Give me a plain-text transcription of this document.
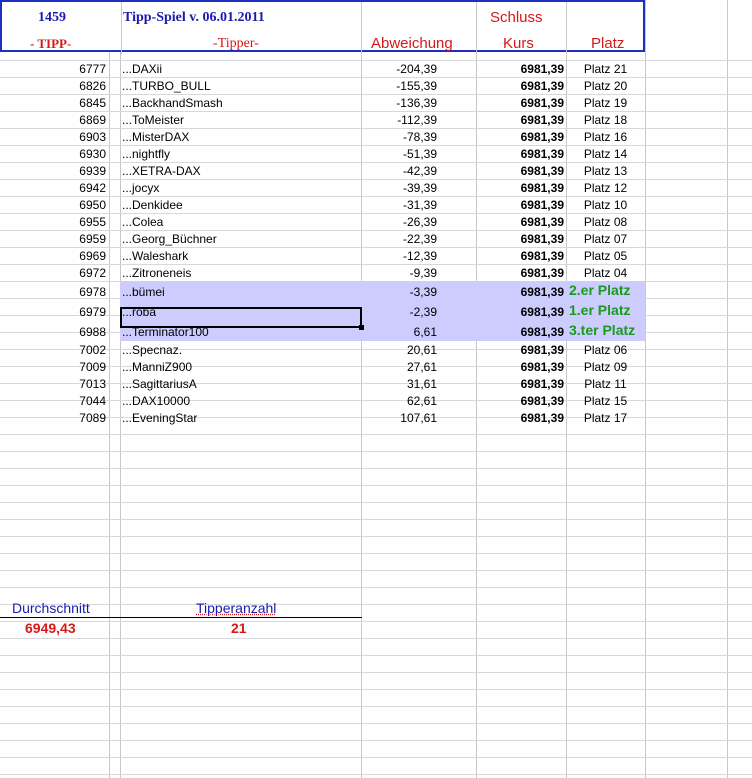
1459	Tipp-Spiel v. 06.01.2011	Schluss
- TIPP-	-Tipper-	Abweichung	Kurs	Platz
6777 ...DAXii	-204,39	6981,39	Platz 21
6826 ...TURBO_BULL	-155,39	6981,39	Platz 20
6845 ...BackhandSmash	-136,39	6981,39	Platz 19
6869 ...ToMeister	-112,39	6981,39	Platz 18
6903 ...MisterDAX	-78,39	6981,39	Platz 16
6930 ...nightfly	-51,39	6981,39	Platz 14
6939 ...XETRA-DAX	-42,39	6981,39	Platz 13
6942 ...jocyx	-39,39	6981,39	Platz 12
6950 ...Denkidee	-31,39	6981,39	Platz 10
6955 ...Colea	-26,39	6981,39	Platz 08
6959 ...Georg_Büchner	-22,39	6981,39	Platz 07
6969 ...Waleshark	-12,39	6981,39	Platz 05
6972 ...Zitroneneis	-9,39	6981,39	Platz 04
6978 ...bümei	-3,39	6981,39 2.er Platz
6979 ...roba	-2,39	6981,39 1.er Platz
6988 ...Terminator100	6,61	6981,39 3.ter Platz
7002 ...Specnaz.	20,61	6981,39	Platz 06
7009 ...ManniZ900	27,61	6981,39	Platz 09
7013 ...SagittariusA	31,61	6981,39	Platz 11
7044 ...DAX10000	62,61	6981,39	Platz 15
7089 ...EveningStar	107,61	6981,39	Platz 17
Durchschnitt	Tipperanzahl
6949,43	21
